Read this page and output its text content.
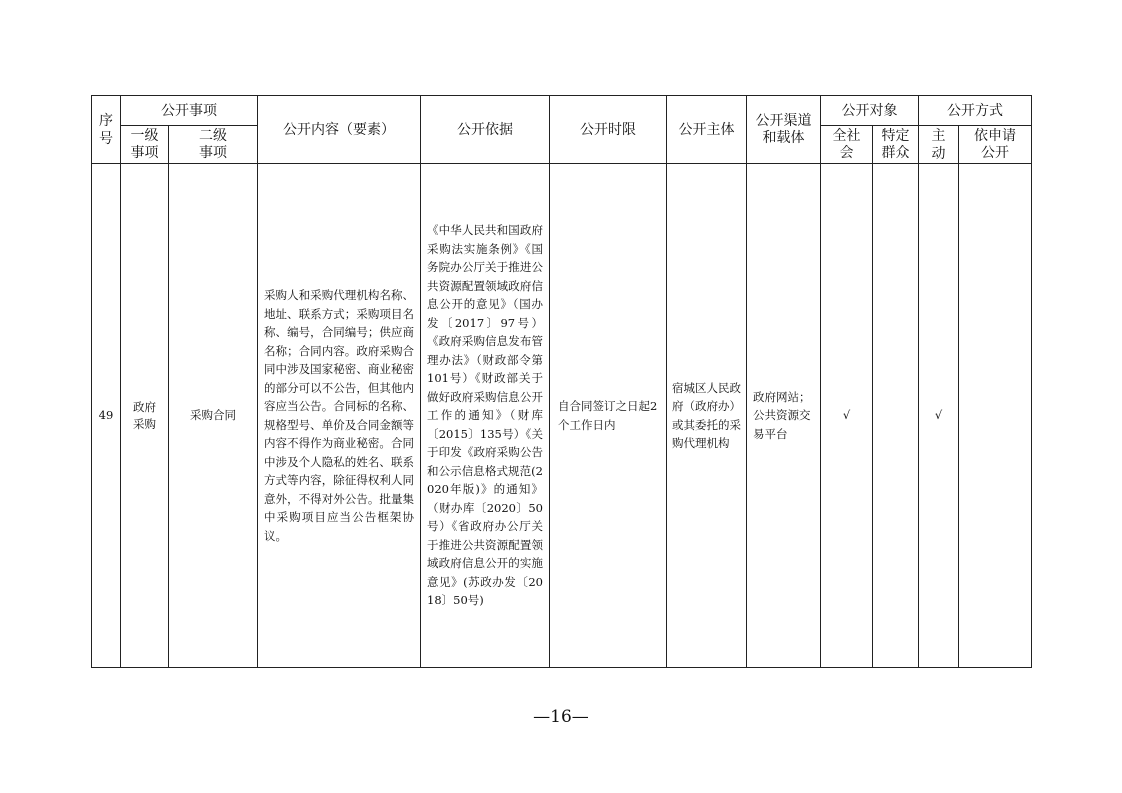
序号	公开事项		公开内容（要素）	公开依据	公开时限	公开主体	公开渠道和载体	公开对象		公开方式	

	一级事项	二级事项						全社会	特定群众	主动	依申请公开

49	政府采购	采购合同	采购人和采购代理机构名称、地址、联系方式；采购项目名称、编号，合同编号；供应商名称；合同内容。政府采购合同中涉及国家秘密、商业秘密的部分可以不公告，但其他内容应当公告。合同标的名称、规格型号、单价及合同金额等内容不得作为商业秘密。合同中涉及个人隐私的姓名、联系方式等内容，除征得权利人同意外，不得对外公告。批量集中采购项目应当公告框架协议。	《中华人民共和国政府采购法实施条例》《国务院办公厅关于推进公共资源配置领域政府信息公开的意见》（国办发〔2017〕97号）《政府采购信息发布管理办法》（财政部令第101号）《财政部关于做好政府采购信息公开工作的通知》（财库〔2015〕135号）《关于印发《政府采购公告和公示信息格式规范(2020年版)》的通知》（财办库〔2020〕50号）《省政府办公厅关于推进公共资源配置领域政府信息公开的实施意见》(苏政办发〔2018〕50号)	自合同签订之日起2个工作日内	宿城区人民政府（政府办）或其委托的采购代理机构	政府网站；公共资源交易平台	√		√	
—16—
